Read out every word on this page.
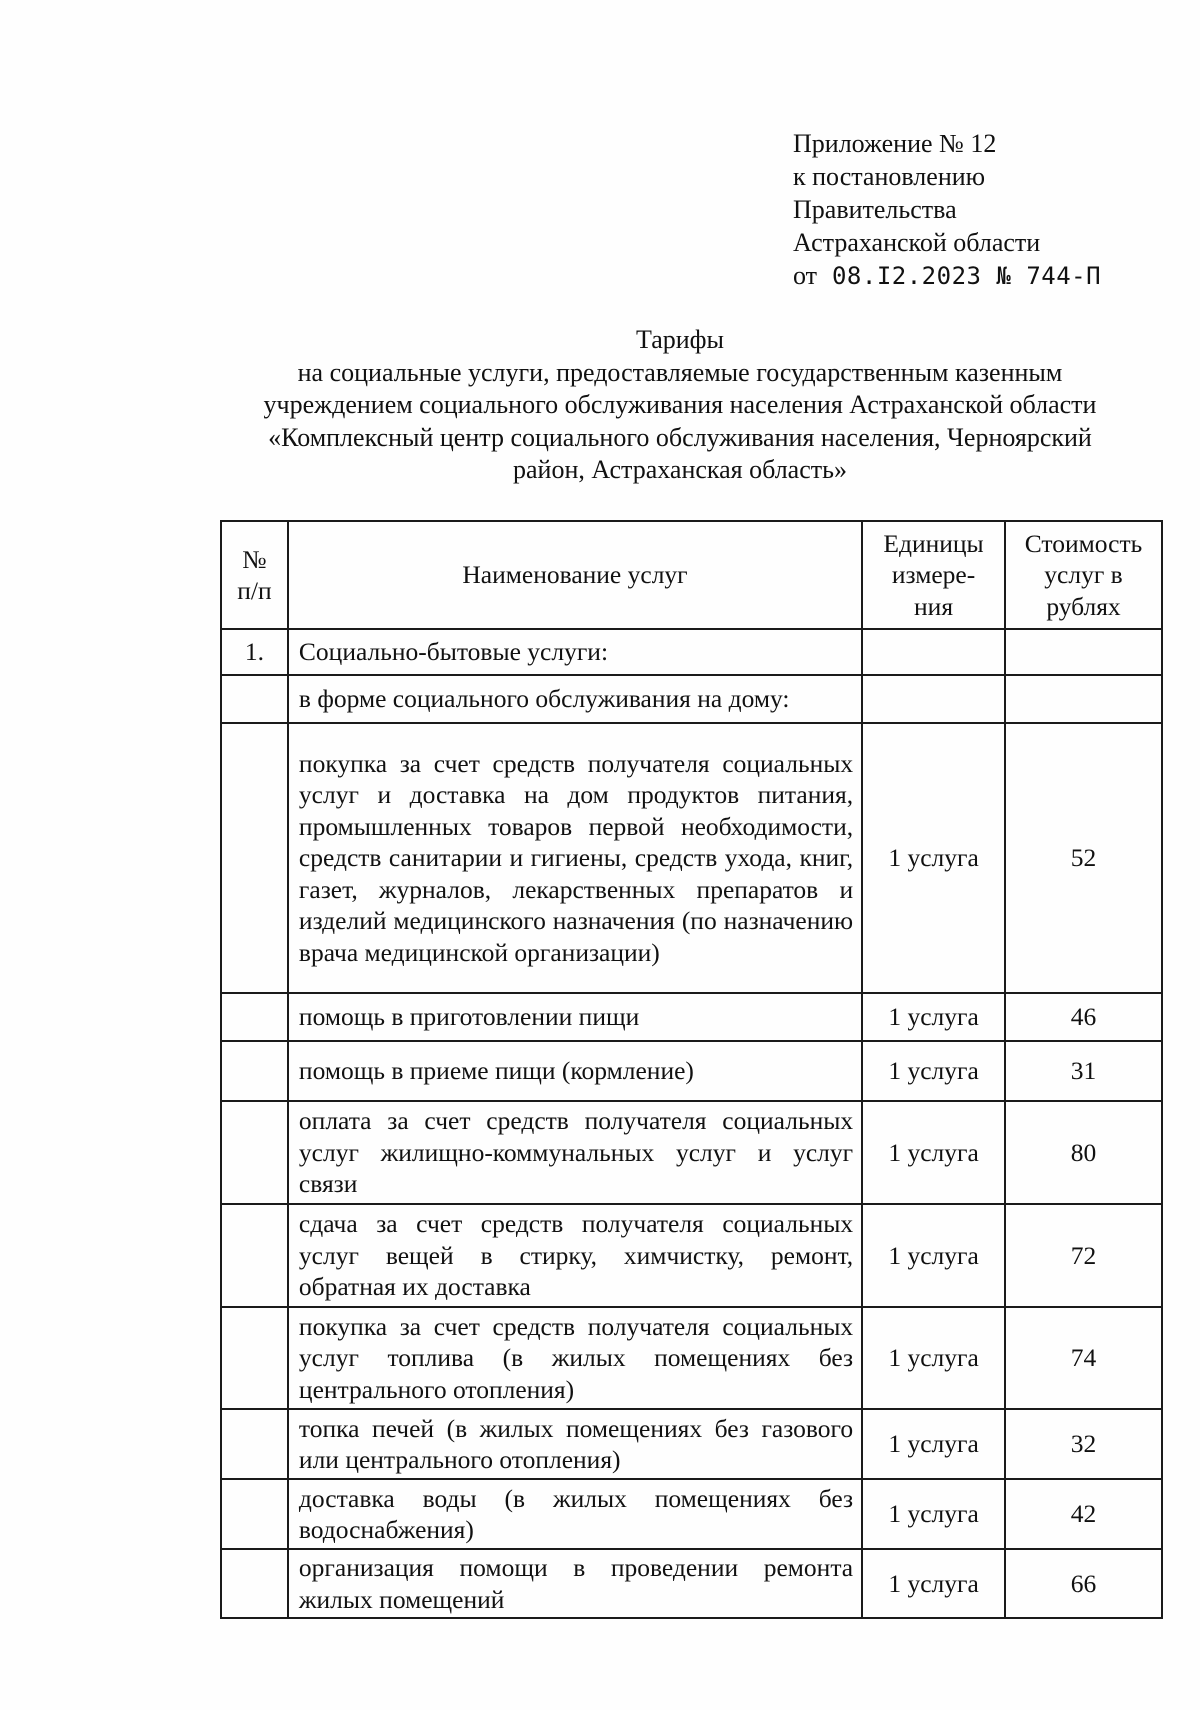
Приложение № 12
к постановлению
Правительства
Астраханской области
от 08.I2.2023 № 744-П
Тарифы
на социальные услуги, предоставляемые государственным казенным
учреждением социального обслуживания населения Астраханской области
«Комплексный центр социального обслуживания населения, Черноярский
район, Астраханская область»
№ п/п	Наименование услуг	Единицы измере- ния	Стоимость услуг в рублях
1.	Социально-бытовые услуги:		
	в форме социального обслуживания на дому:		
	покупка за счет средств получателя социальных услуг и доставка на дом продуктов питания, промышленных товаров первой необходимости, средств санитарии и гигиены, средств ухода, книг, газет, журналов, лекарственных препаратов и изделий медицинского назначения (по назначению врача медицинской организации)	1 услуга	52
	помощь в приготовлении пищи	1 услуга	46
	помощь в приеме пищи (кормление)	1 услуга	31
	оплата за счет средств получателя социальных услуг жилищно-коммунальных услуг и услуг связи	1 услуга	80
	сдача за счет средств получателя социальных услуг вещей в стирку, химчистку, ремонт, обратная их доставка	1 услуга	72
	покупка за счет средств получателя социальных услуг топлива (в жилых помещениях без центрального отопления)	1 услуга	74
	топка печей (в жилых помещениях без газового или центрального отопления)	1 услуга	32
	доставка воды (в жилых помещениях без водоснабжения)	1 услуга	42
	организация помощи в проведении ремонта жилых помещений	1 услуга	66
